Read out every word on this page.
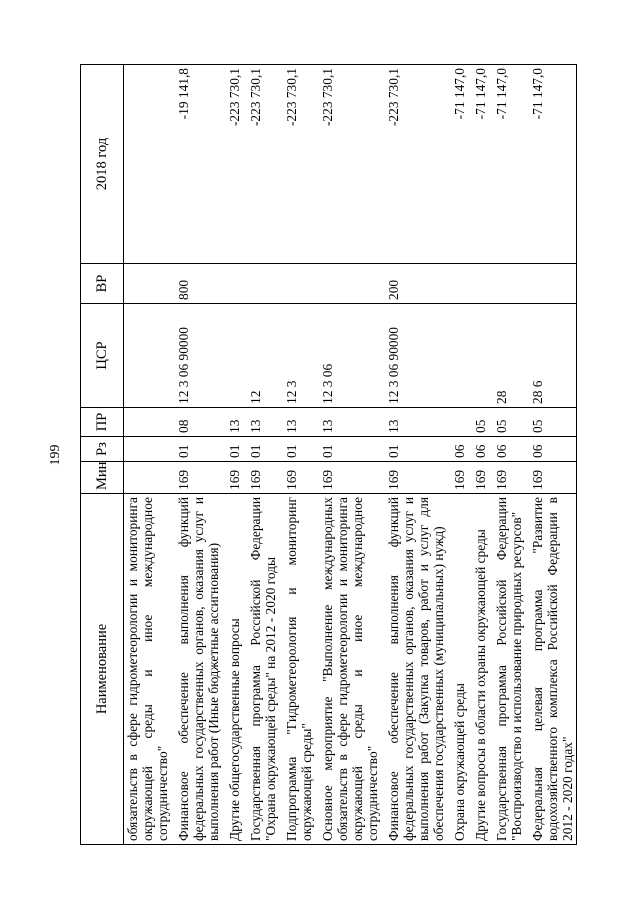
199
Наименование	Мин	Рз	ПР	ЦСР	ВР	2018 год
обязательств в сфере гидрометеорологии и мониторинга окружающей среды и иное международное сотрудничество"						
Финансовое обеспечение выполнения функций федеральных государственных органов, оказания услуг и выполнения работ (Иные бюджетные ассигнования)	169	01	08	12 3 06 90000	800	-19 141,8
Другие общегосударственные вопросы	169	01	13			-223 730,1
Государственная программа Российской Федерации "Охрана окружающей среды" на 2012 - 2020 годы	169	01	13	12		-223 730,1
Подпрограмма "Гидрометеорология и мониторинг окружающей среды"	169	01	13	12 3		-223 730,1
Основное мероприятие "Выполнение международных обязательств в сфере гидрометеорологии и мониторинга окружающей среды и иное международное сотрудничество"	169	01	13	12 3 06		-223 730,1
Финансовое обеспечение выполнения функций федеральных государственных органов, оказания услуг и выполнения работ (Закупка товаров, работ и услуг для обеспечения государственных (муниципальных) нужд)	169	01	13	12 3 06 90000	200	-223 730,1
Охрана окружающей среды	169	06				-71 147,0
Другие вопросы в области охраны окружающей среды	169	06	05			-71 147,0
Государственная программа Российской Федерации "Воспроизводство и использование природных ресурсов"	169	06	05	28		-71 147,0
Федеральная целевая программа "Развитие водохозяйственного комплекса Российской Федерации в 2012 - 2020 годах"	169	06	05	28 6		-71 147,0
